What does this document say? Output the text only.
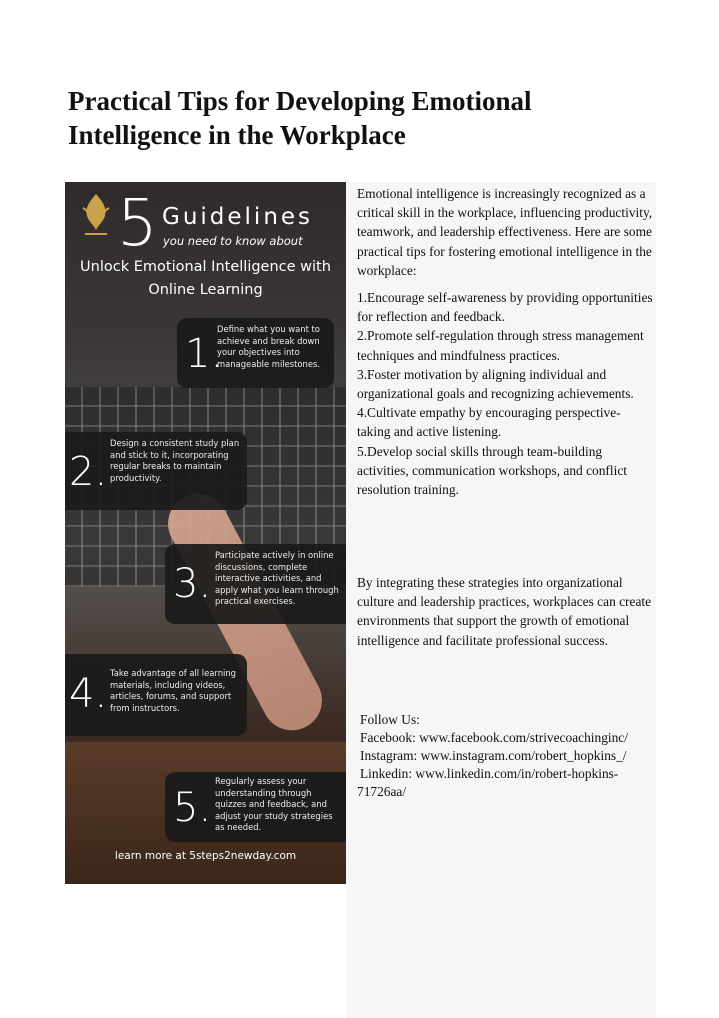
Practical Tips for Developing Emotional Intelligence in the Workplace
5 Guidelines
you need to know about
Unlock Emotional Intelligence with Online Learning
1.
Define what you want to achieve and break down your objectives into manageable milestones.
2.
Design a consistent study plan and stick to it, incorporating regular breaks to maintain productivity.
3.
Participate actively in online discussions, complete interactive activities, and apply what you learn through practical exercises.
4. Take advantage of all learning materials, including videos, articles, forums, and support from instructors.
5.
Regularly assess your understanding through quizzes and feedback, and adjust your study strategies as needed.
learn more at 5steps2newday.com

Emotional intelligence is increasingly recognized as a critical skill in the workplace, influencing productivity, teamwork, and leadership effectiveness. Here are some practical tips for fostering emotional intelligence in the workplace:

1.Encourage self-awareness by providing opportunities for reflection and feedback.
2.Promote self-regulation through stress management techniques and mindfulness practices.
3.Foster motivation by aligning individual and organizational goals and recognizing achievements.
4.Cultivate empathy by encouraging perspective-taking and active listening.
5.Develop social skills through team-building activities, communication workshops, and conflict resolution training.

By integrating these strategies into organizational culture and leadership practices, workplaces can create environments that support the growth of emotional intelligence and facilitate professional success.

Follow Us:
Facebook: www.facebook.com/strivecoachinginc/
Instagram: www.instagram.com/robert_hopkins_/
Linkedin: www.linkedin.com/in/robert-hopkins-71726aa/
